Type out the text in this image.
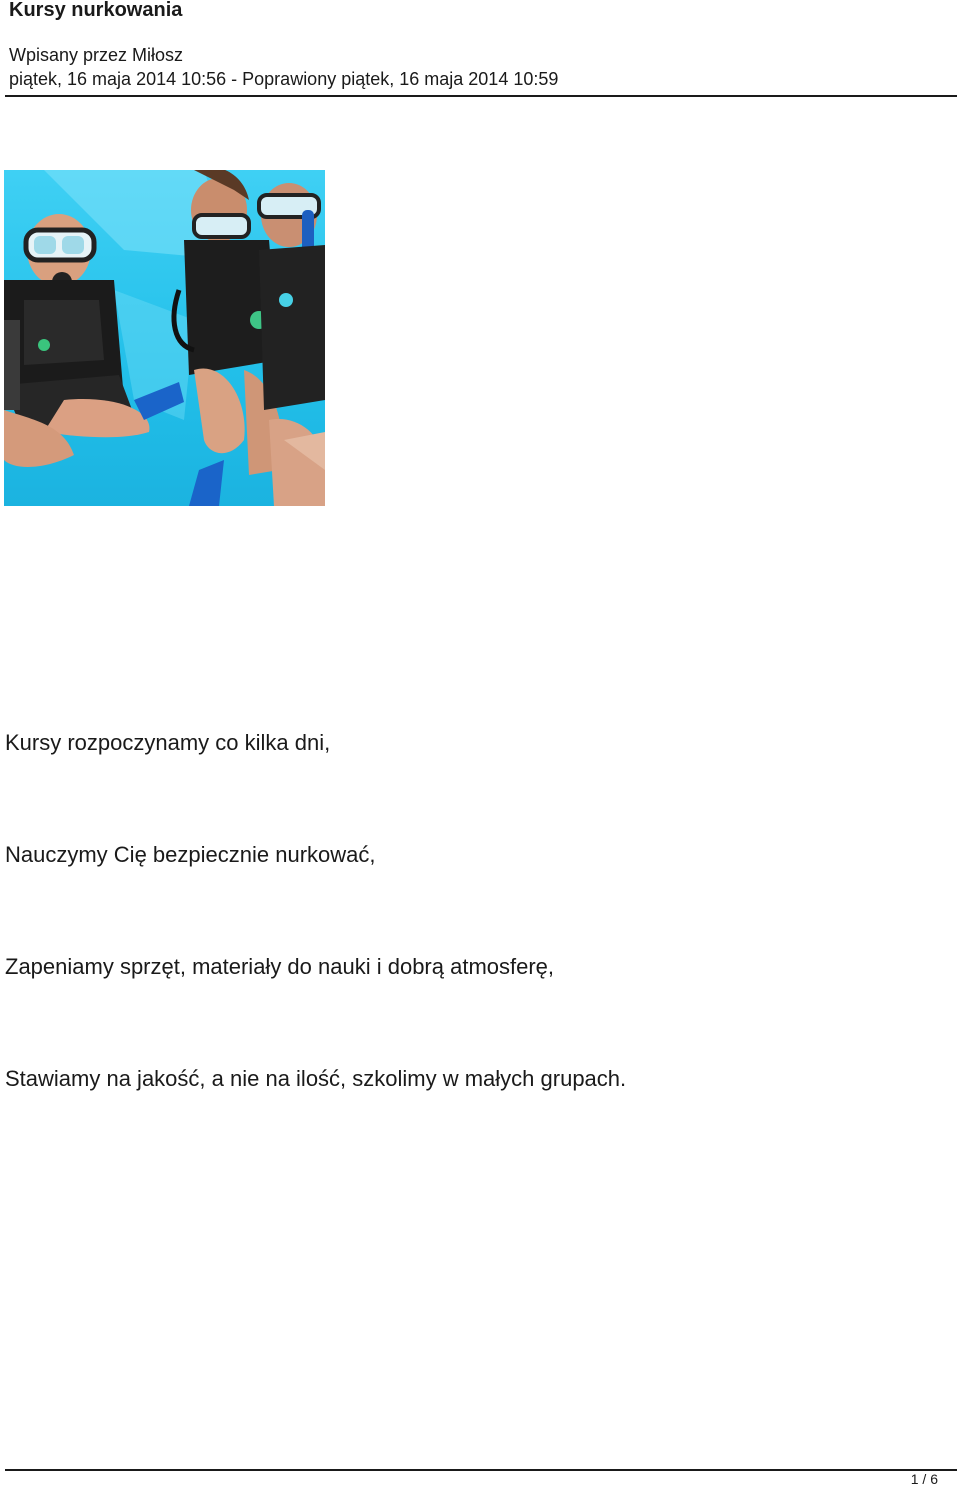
Kursy nurkowania
Wpisany przez Miłosz
piątek, 16 maja 2014 10:56 - Poprawiony piątek, 16 maja 2014 10:59

Kursy rozpoczynamy co kilka dni,

Nauczymy Cię bezpiecznie nurkować,

Zapeniamy sprzęt, materiały do nauki i dobrą atmosferę,

Stawiamy na jakość, a nie na ilość, szkolimy w małych grupach.

1 / 6
